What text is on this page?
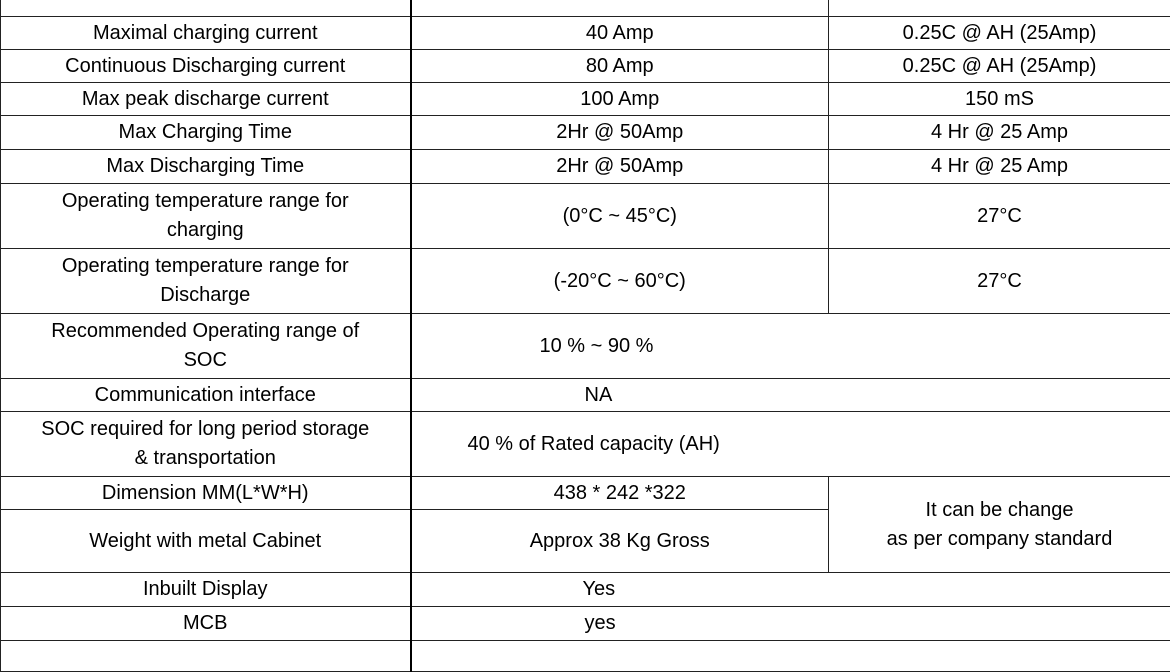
Maximal charging current	40 Amp	0.25C @ AH (25Amp)
Continuous Discharging current	80 Amp	0.25C @ AH (25Amp)
Max peak discharge current	100 Amp	150 mS
Max Charging Time	2Hr @ 50Amp	4 Hr @ 25 Amp
Max Discharging Time	2Hr @ 50Amp	4 Hr @ 25 Amp
Operating temperature range for
charging	(0°C ~ 45°C)	27°C
Operating temperature range for
Discharge	(-20°C ~ 60°C)	27°C
Recommended Operating range of
SOC	10 % ~ 90 %	
Communication interface	NA	
SOC required for long period storage
& transportation	40 % of Rated capacity (AH)	
Dimension MM(L*W*H)	438 * 242 *322	It can be change
as per company standard
Weight with metal Cabinet	Approx 38 Kg Gross	
Inbuilt Display	Yes	
MCB	yes	
